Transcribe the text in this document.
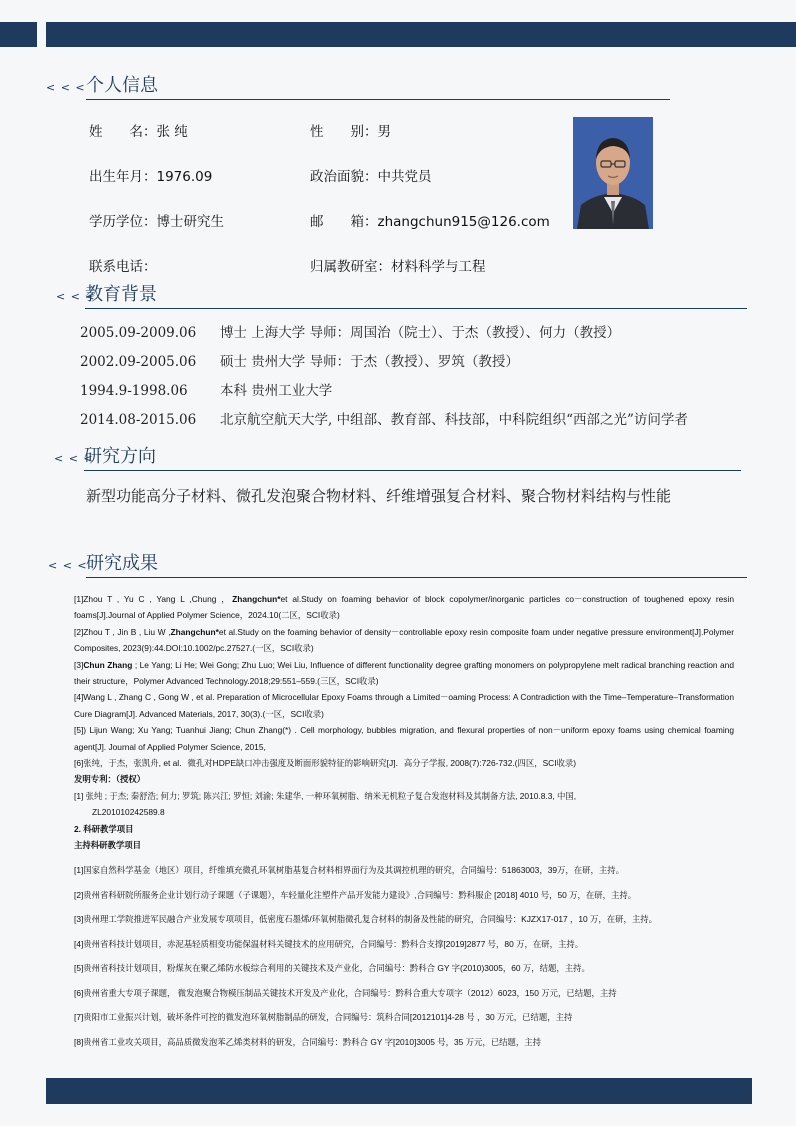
< < < 个人信息
姓　　名：张 纯	性　　别：男
出生年月：1976.09	政治面貌：中共党员
学历学位：博士研究生	邮　　箱：zhangchun915@126.com
联系电话：	归属教研室：材料科学与工程
< < <
教育背景
2005.09-2009.06 博士 上海大学 导师：周国治（院士）、于杰（教授）、何力（教授）
2002.09-2005.06 硕士 贵州大学 导师：于杰（教授）、罗筑（教授）
1994.9-1998.06 本科 贵州工业大学
2014.08-2015.06 北京航空航天大学, 中组部、教育部、科技部，中科院组织“西部之光”访问学者
< < <
研究方向
新型功能高分子材料、微孔发泡聚合物材料、纤维增强复合材料、聚合物材料结构与性能
< < <
研究成果

[1]Zhou T , Yu C , Yang L ,Chung ，Zhangchun*et al.Study on foaming behavior of block copolymer/inorganic particles co－construction of toughened epoxy resin foams[J].Journal of Applied Polymer Science，2024.10(二区，SCI收录)

[2]Zhou T , Jin B , Liu W ,Zhangchun*et al.Study on the foaming behavior of density－controllable epoxy resin composite foam under negative pressure environment[J].Polymer Composites, 2023(9):44.DOI:10.1002/pc.27527.(一区，SCI收录)

[3]Chun Zhang ; Le Yang; Li He; Wei Gong; Zhu Luo; Wei Liu, Influence of different functionality degree grafting monomers on polypropylene melt radical branching reaction and their structure，Polymer Advanced Technology.2018;29:551–559.(三区，SCI收录)

[4]Wang L , Zhang C , Gong W , et al. Preparation of Microcellular Epoxy Foams through a Limited－oaming Process: A Contradiction with the Time–Temperature–Transformation Cure Diagram[J]. Advanced Materials, 2017, 30(3).(一区，SCI收录)

[5]) Lijun Wang; Xu Yang; Tuanhui Jiang; Chun Zhang(*) . Cell morphology, bubbles migration, and flexural properties of non－uniform epoxy foams using chemical foaming agent[J]. Journal of Applied Polymer Science, 2015,

[6]张纯，于杰，张凯舟, et al．微孔对HDPE缺口冲击强度及断面形貌特征的影响研究[J]．高分子学报, 2008(7):726-732.(四区，SCI收录)

发明专利：（授权）

[1] 张纯 ; 于杰; 秦舒浩; 何力; 罗筑; 陈兴江; 罗恒; 刘渝; 朱建华, 一种环氧树脂、纳米无机粒子复合发泡材料及其制备方法, 2010.8.3, 中国,

ZL201010242589.8

2. 科研教学项目

主持科研教学项目

[1]国家自然科学基金（地区）项目，纤维填充微孔环氧树脂基复合材料相界面行为及其调控机理的研究，合同编号：51863003，39万，在研，主持。

[2]贵州省科研院所服务企业计划行动子课题（子课题），车轻量化注塑件产品开发能力建设》,合同编号：黔科服企 [2018] 4010 号，50 万，在研，主持。

[3]贵州理工学院推进军民融合产业发展专项项目，低密度石墨烯/环氧树脂微孔复合材料的制备及性能的研究，合同编号：KJZX17-017 ，10 万，在研，主持。

[4]贵州省科技计划项目，赤泥基轻质相变功能保温材料关键技术的应用研究，合同编号：黔科合支撑[2019]2877 号，80 万，在研，主持。

[5]贵州省科技计划项目，粉煤灰在聚乙烯防水板综合利用的关键技术及产业化，合同编号：黔科合 GY 字(2010)3005，60 万，结题，主持。

[6]贵州省重大专项子课题， 微发泡聚合物模压制品关键技术开发及产业化，合同编号：黔科合重大专项字（2012）6023，150 万元，已结题，主持

[7]贵阳市工业振兴计划，破坏条件可控的微发泡环氧树脂制品的研发，合同编号：筑科合同[2012101]4-28 号 ，30 万元，已结题，主持

[8]贵州省工业攻关项目，高品质微发泡苯乙烯类材料的研发，合同编号：黔科合 GY 字[2010]3005 号，35 万元，已结题，主持
